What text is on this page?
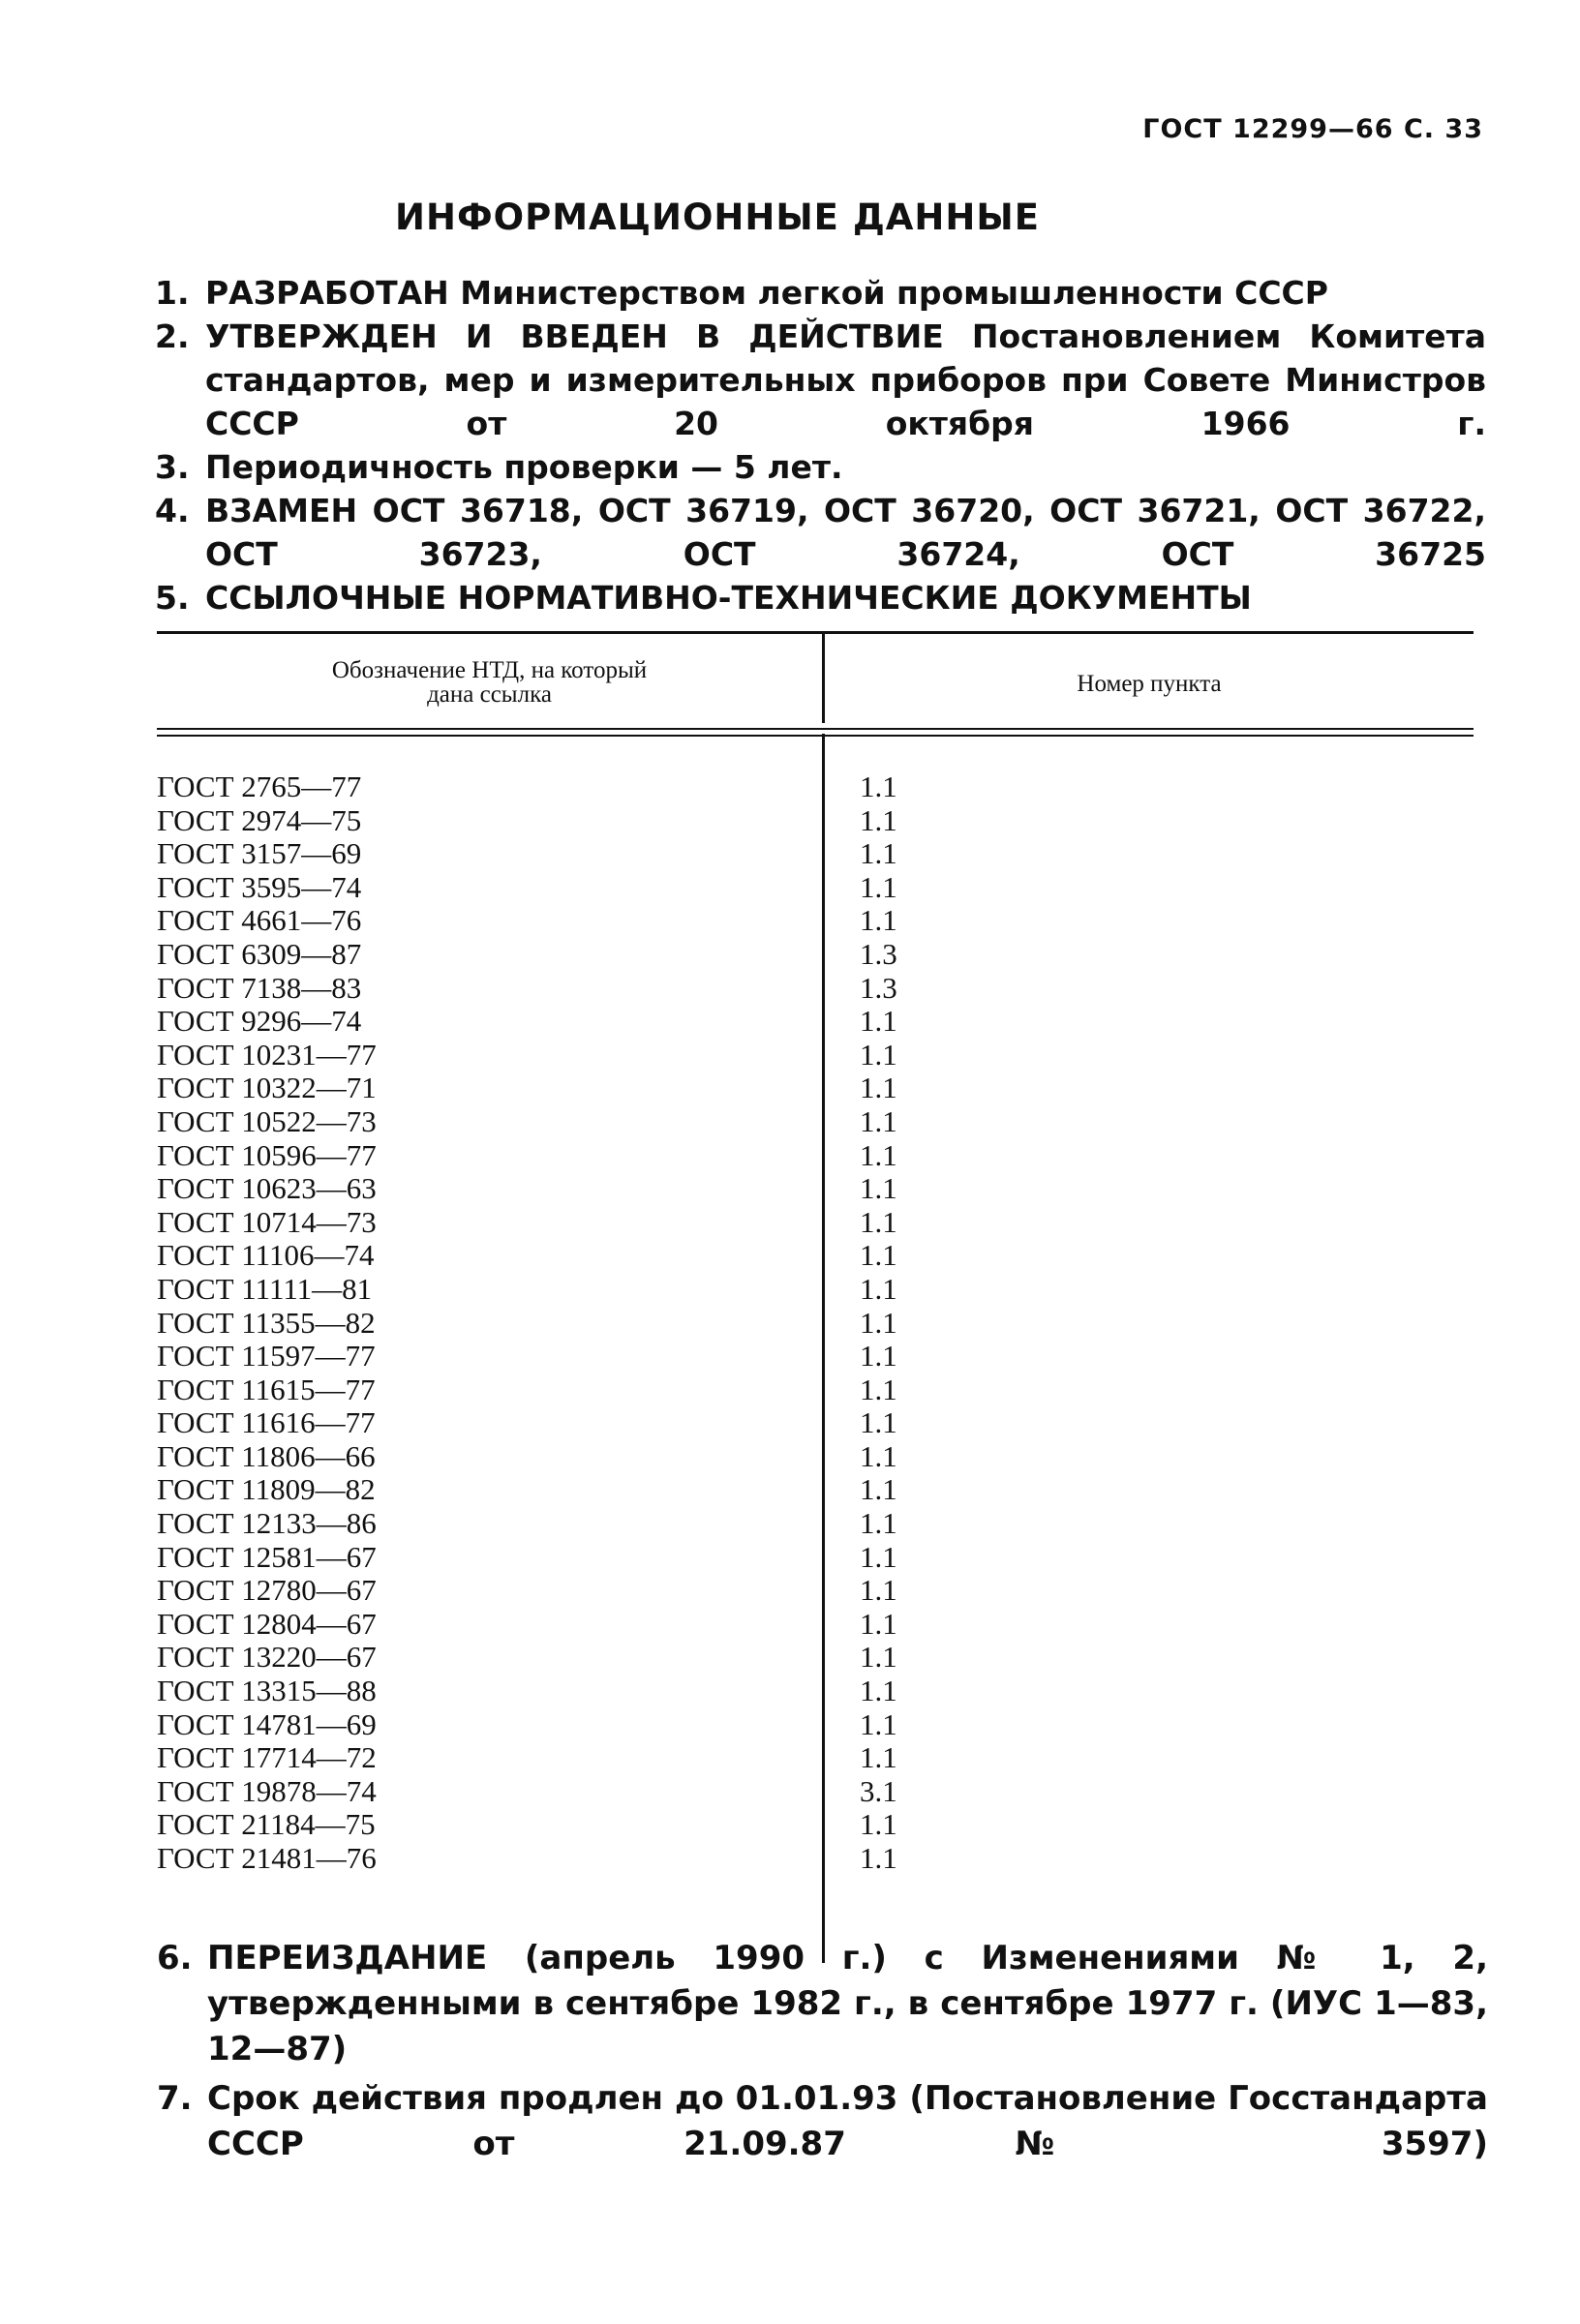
ГОСТ 12299—66 С. 33
ИНФОРМАЦИОННЫЕ ДАННЫЕ
1. РАЗРАБОТАН Министерством легкой промышленности СССР
2. УТВЕРЖДЕН И ВВЕДЕН В ДЕЙСТВИЕ Постановлением Комитета стандартов, мер и измерительных приборов при Совете Министров СССР от 20 октября 1966 г.
3. Периодичность проверки — 5 лет.
4. ВЗАМЕН ОСТ 36718, ОСТ 36719, ОСТ 36720, ОСТ 36721, ОСТ 36722, ОСТ 36723, ОСТ 36724, ОСТ 36725
5. ССЫЛОЧНЫЕ НОРМАТИВНО-ТЕХНИЧЕСКИЕ ДОКУМЕНТЫ
Обозначение НТД, на который
дана ссылка	Номер пункта
ГОСТ 2765—77	1.1
ГОСТ 2974—75	1.1
ГОСТ 3157—69	1.1
ГОСТ 3595—74	1.1
ГОСТ 4661—76	1.1
ГОСТ 6309—87	1.3
ГОСТ 7138—83	1.3
ГОСТ 9296—74	1.1
ГОСТ 10231—77	1.1
ГОСТ 10322—71	1.1
ГОСТ 10522—73	1.1
ГОСТ 10596—77	1.1
ГОСТ 10623—63	1.1
ГОСТ 10714—73	1.1
ГОСТ 11106—74	1.1
ГОСТ 11111—81	1.1
ГОСТ 11355—82	1.1
ГОСТ 11597—77	1.1
ГОСТ 11615—77	1.1
ГОСТ 11616—77	1.1
ГОСТ 11806—66	1.1
ГОСТ 11809—82	1.1
ГОСТ 12133—86	1.1
ГОСТ 12581—67	1.1
ГОСТ 12780—67	1.1
ГОСТ 12804—67	1.1
ГОСТ 13220—67	1.1
ГОСТ 13315—88	1.1
ГОСТ 14781—69	1.1
ГОСТ 17714—72	1.1
ГОСТ 19878—74	3.1
ГОСТ 21184—75	1.1
ГОСТ 21481—76	1.1
6. ПЕРЕИЗДАНИЕ (апрель 1990 г.) с Изменениями № 1, 2, утвержденными в сентябре 1982 г., в сентябре 1977 г. (ИУС 1—83, 12—87)
7. Срок действия продлен до 01.01.93 (Постановление Госстандарта СССР от 21.09.87 № 3597)
